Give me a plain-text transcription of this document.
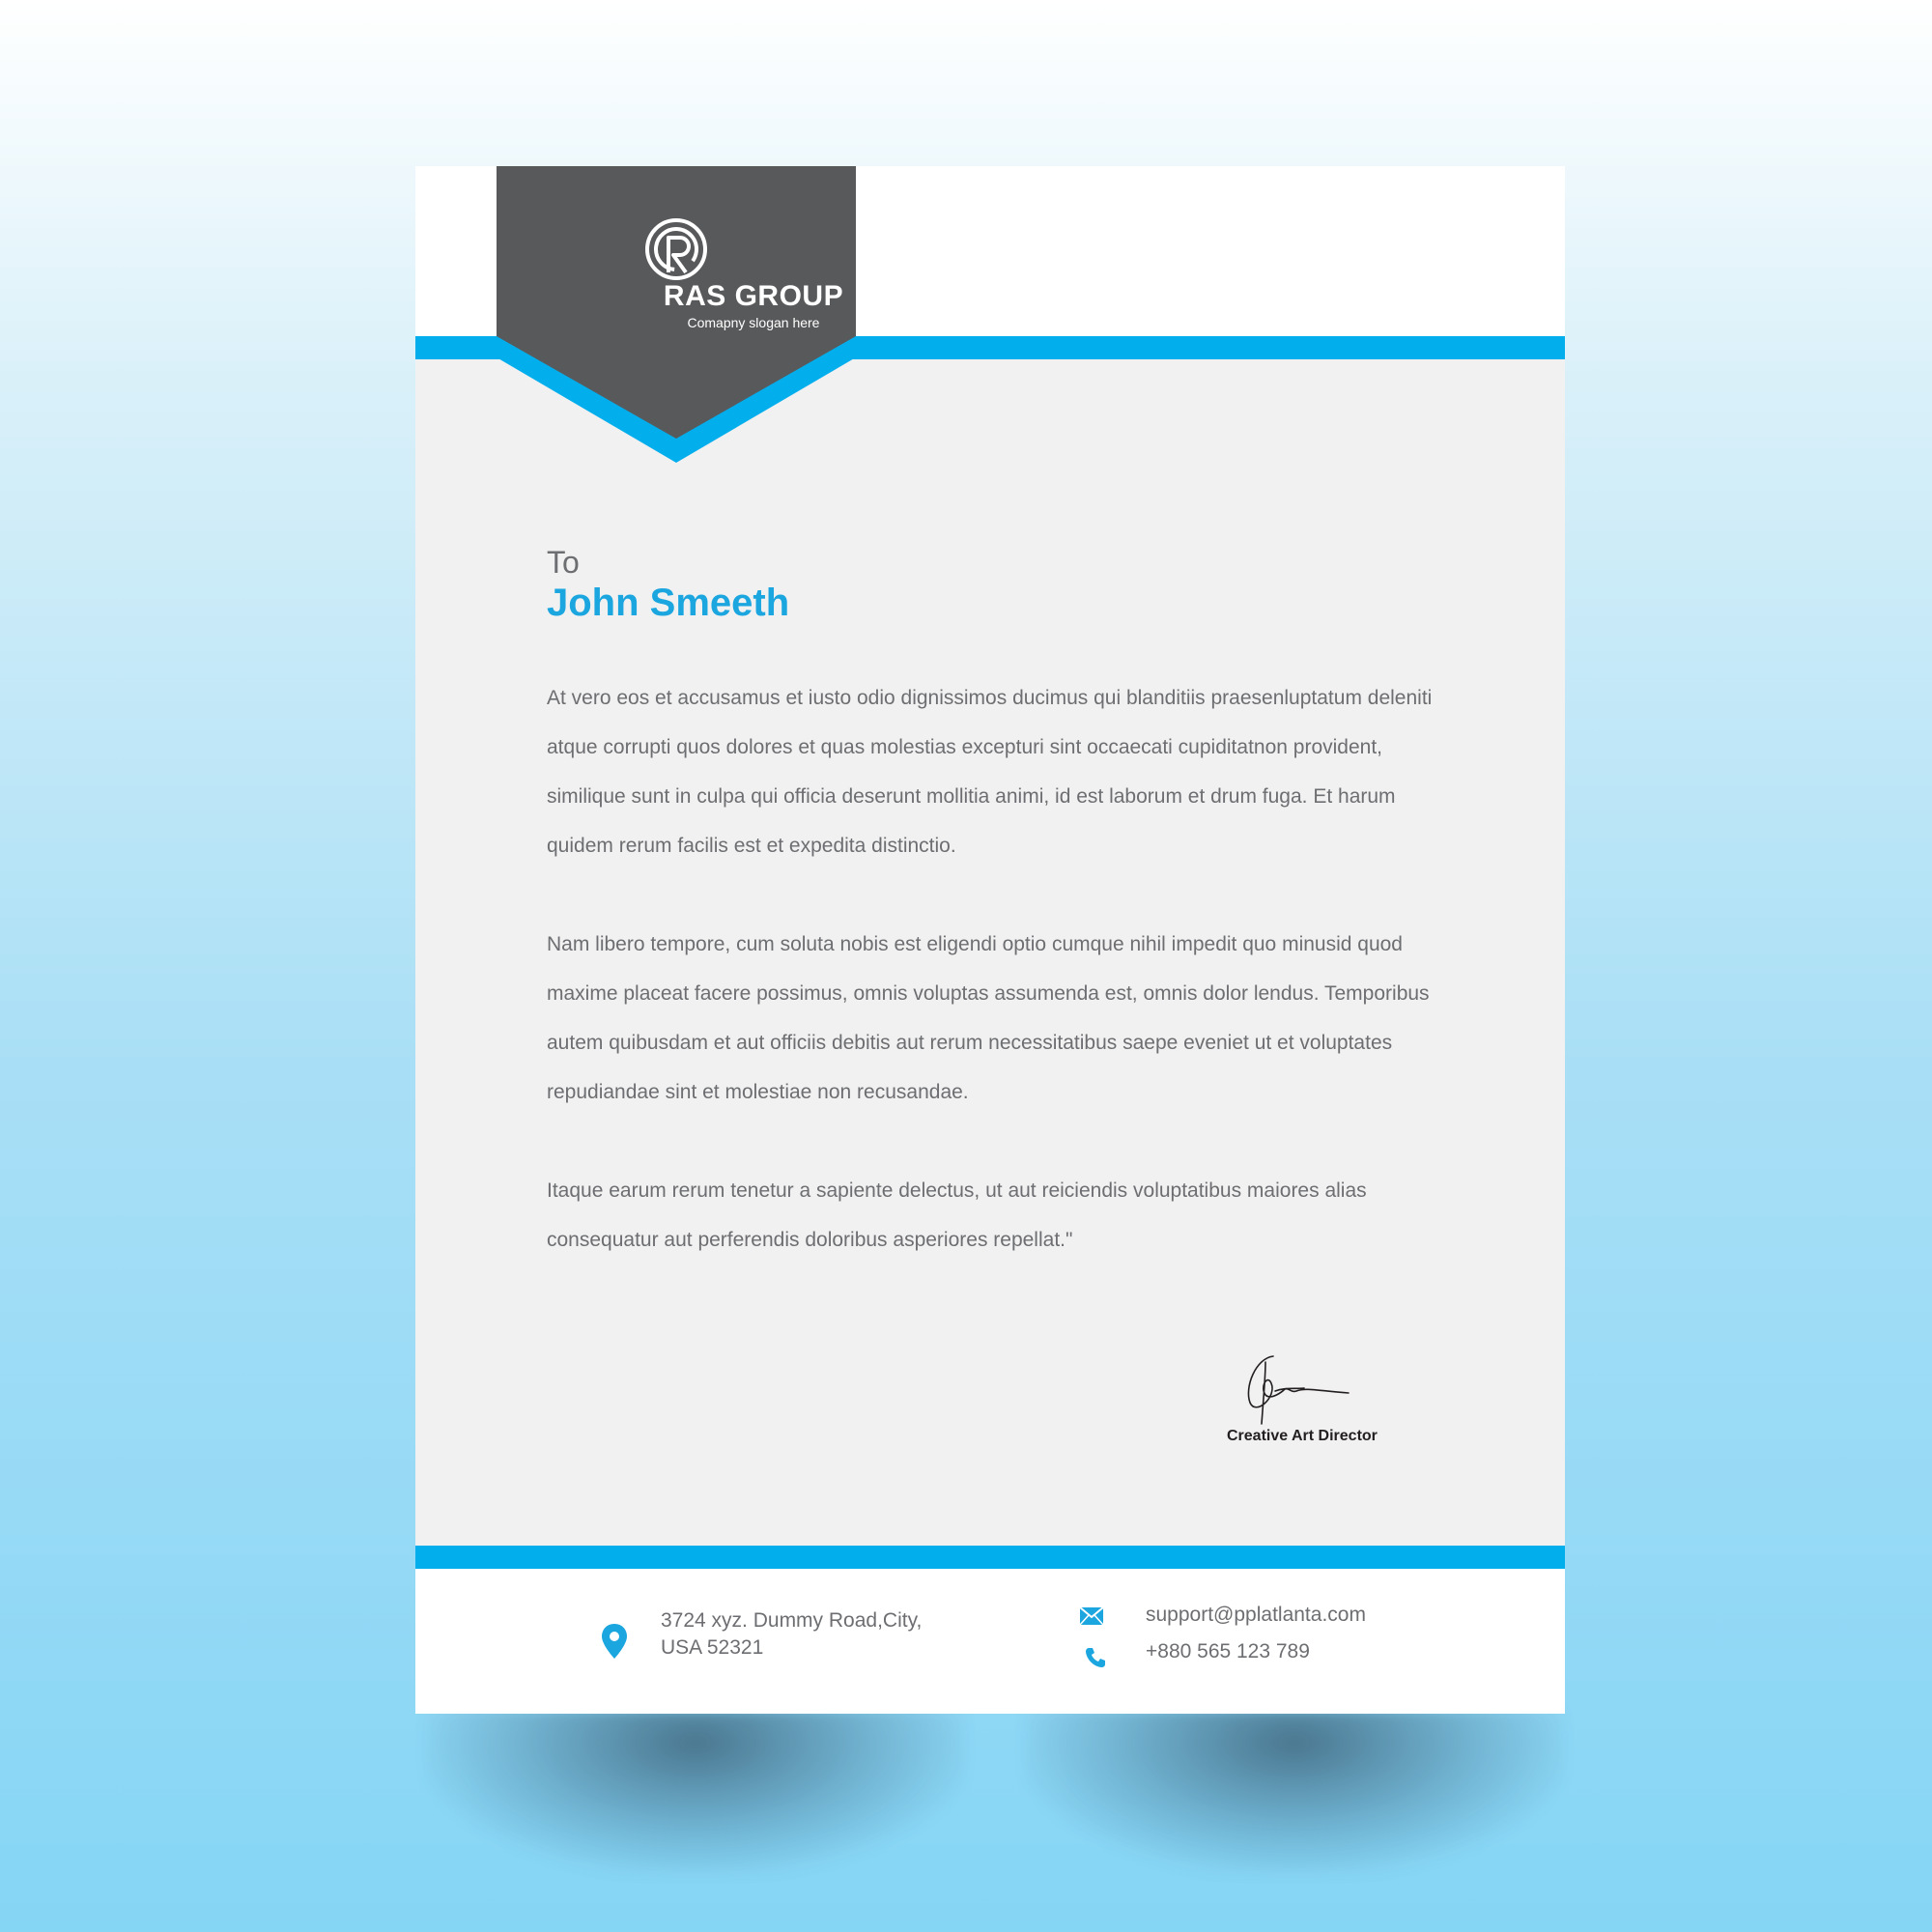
RAS GROUP
Comapny slogan here
To
John Smeeth

At vero eos et accusamus et iusto odio dignissimos ducimus qui blanditiis praesenluptatum deleniti atque corrupti quos dolores et quas molestias excepturi sint occaecati cupiditatnon provident, similique sunt in culpa qui officia deserunt mollitia animi, id est laborum et drum fuga. Et harum quidem rerum facilis est et expedita distinctio.

Nam libero tempore, cum soluta nobis est eligendi optio cumque nihil impedit quo minusid quod maxime placeat facere possimus, omnis voluptas assumenda est, omnis dolor lendus. Temporibus autem quibusdam et aut officiis debitis aut rerum necessitatibus saepe eveniet ut et voluptates repudiandae sint et molestiae non recusandae.

Itaque earum rerum tenetur a sapiente delectus, ut aut reiciendis voluptatibus maiores alias consequatur aut perferendis doloribus asperiores repellat."

Creative Art Director
3724 xyz. Dummy Road,City,
USA 52321
support@pplatlanta.com
+880 565 123 789
